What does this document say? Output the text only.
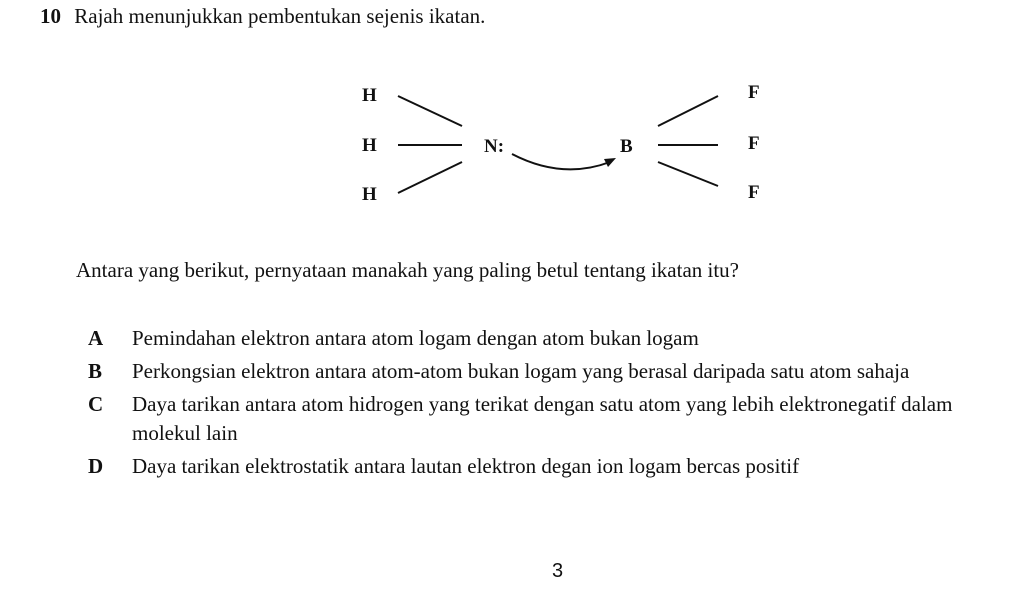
10 Rajah menunjukkan pembentukan sejenis ikatan.
H
H
H
N:	B
F
F
F
Antara yang berikut, pernyataan manakah yang paling betul tentang ikatan itu?
A	Pemindahan elektron antara atom logam dengan atom bukan logam
B	Perkongsian elektron antara atom-atom bukan logam yang berasal daripada satu atom sahaja
C	Daya tarikan antara atom hidrogen yang terikat dengan satu atom yang lebih elektronegatif dalam molekul lain
D	Daya tarikan elektrostatik antara lautan elektron degan ion logam bercas positif
3
